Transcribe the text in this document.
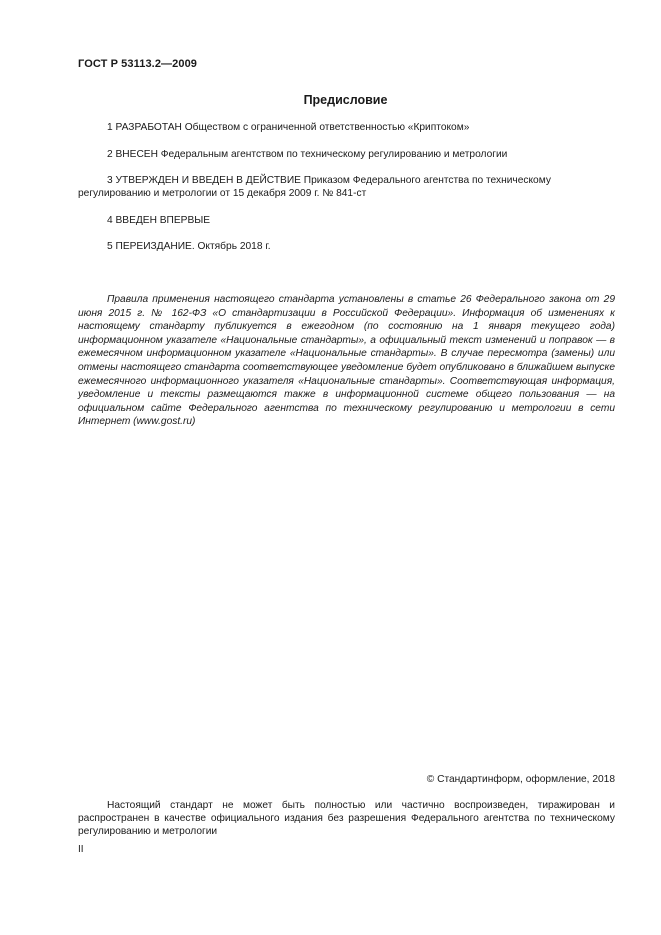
ГОСТ Р 53113.2—2009
Предисловие
1 РАЗРАБОТАН Обществом с ограниченной ответственностью «Криптоком»
2 ВНЕСЕН Федеральным агентством по техническому регулированию и метрологии
3 УТВЕРЖДЕН И ВВЕДЕН В ДЕЙСТВИЕ Приказом Федерального агентства по техническому
регулированию и метрологии от 15 декабря 2009 г. № 841-ст
4 ВВЕДЕН ВПЕРВЫЕ
5 ПЕРЕИЗДАНИЕ. Октябрь 2018 г.
Правила применения настоящего стандарта установлены в статье 26 Федерального закона от 29 июня 2015 г. № 162-ФЗ «О стандартизации в Российской Федерации». Информация об изменениях к настоящему стандарту публикуется в ежегодном (по состоянию на 1 января текущего года) информационном указателе «Национальные стандарты», а официальный текст изменений и поправок — в ежемесячном информационном указателе «Национальные стандарты». В случае пересмотра (замены) или отмены настоящего стандарта соответствующее уведомление будет опубликовано в ближайшем выпуске ежемесячного информационного указателя «Национальные стандарты». Соответствующая информация, уведомление и тексты размещаются также в информационной системе общего пользования — на официальном сайте Федерального агентства по техническому регулированию и метрологии в сети Интернет (www.gost.ru)
© Стандартинформ, оформление, 2018
Настоящий стандарт не может быть полностью или частично воспроизведен, тиражирован и распространен в качестве официального издания без разрешения Федерального агентства по техническому регулированию и метрологии
II
